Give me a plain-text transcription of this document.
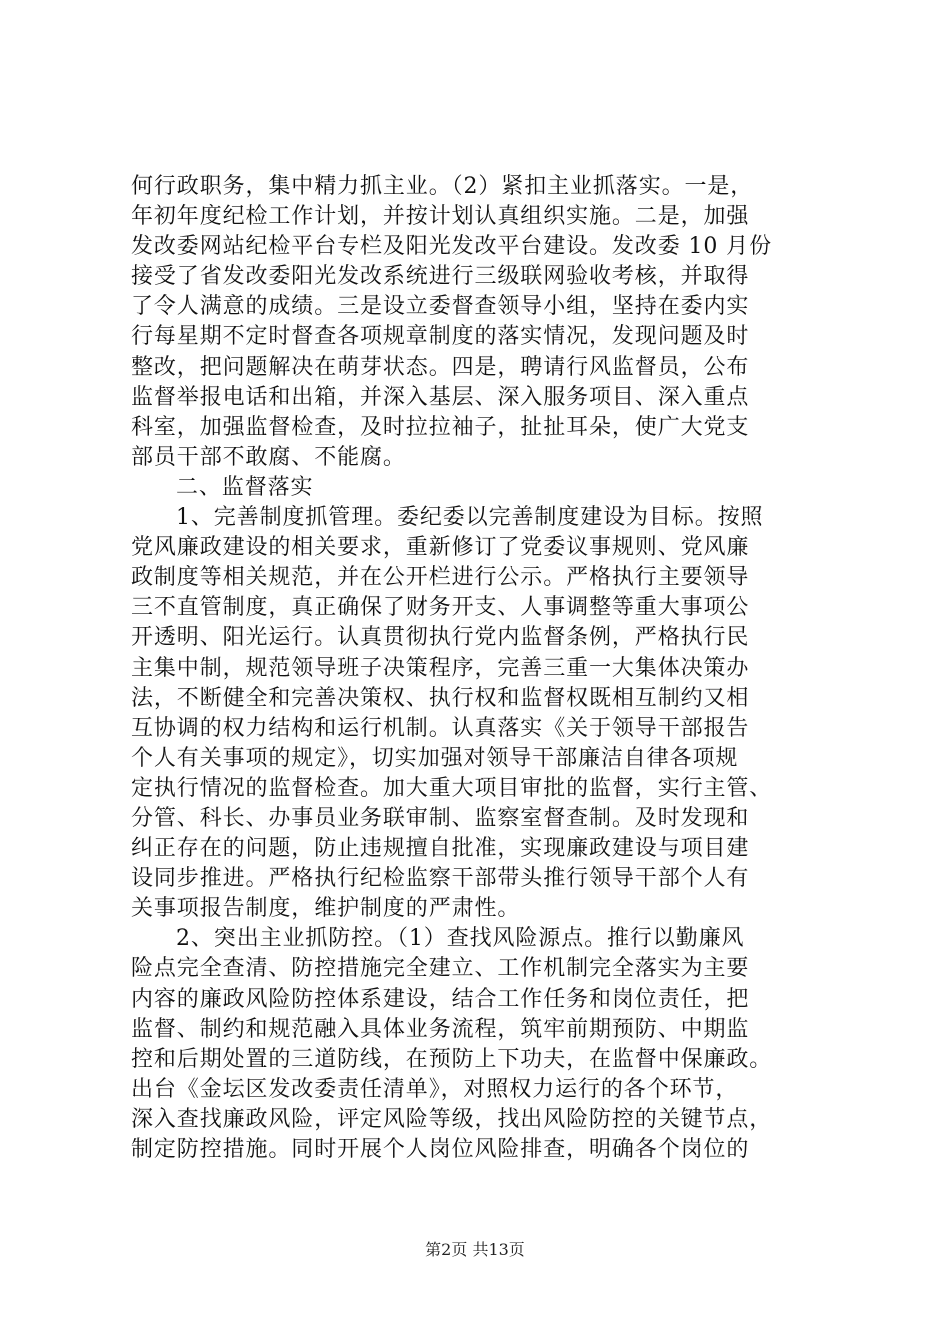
何行政职务，集中精力抓主业。（2）紧扣主业抓落实。一是，
年初年度纪检工作计划，并按计划认真组织实施。二是，加强
发改委网站纪检平台专栏及阳光发改平台建设。发改委 10 月份
接受了省发改委阳光发改系统进行三级联网验收考核，并取得
了令人满意的成绩。三是设立委督查领导小组，坚持在委内实
行每星期不定时督查各项规章制度的落实情况，发现问题及时
整改，把问题解决在萌芽状态。四是，聘请行风监督员，公布
监督举报电话和出箱，并深入基层、深入服务项目、深入重点
科室，加强监督检查，及时拉拉袖子，扯扯耳朵，使广大党支
部员干部不敢腐、不能腐。
二、监督落实
1、完善制度抓管理。委纪委以完善制度建设为目标。按照
党风廉政建设的相关要求，重新修订了党委议事规则、党风廉
政制度等相关规范，并在公开栏进行公示。严格执行主要领导
三不直管制度，真正确保了财务开支、人事调整等重大事项公
开透明、阳光运行。认真贯彻执行党内监督条例，严格执行民
主集中制，规范领导班子决策程序，完善三重一大集体决策办
法，不断健全和完善决策权、执行权和监督权既相互制约又相
互协调的权力结构和运行机制。认真落实《关于领导干部报告
个人有关事项的规定》，切实加强对领导干部廉洁自律各项规
定执行情况的监督检查。加大重大项目审批的监督，实行主管、
分管、科长、办事员业务联审制、监察室督查制。及时发现和
纠正存在的问题，防止违规擅自批准，实现廉政建设与项目建
设同步推进。严格执行纪检监察干部带头推行领导干部个人有
关事项报告制度，维护制度的严肃性。
2、突出主业抓防控。（1）查找风险源点。推行以勤廉风
险点完全查清、防控措施完全建立、工作机制完全落实为主要
内容的廉政风险防控体系建设，结合工作任务和岗位责任，把
监督、制约和规范融入具体业务流程，筑牢前期预防、中期监
控和后期处置的三道防线，在预防上下功夫，在监督中保廉政。
出台《金坛区发改委责任清单》，对照权力运行的各个环节，
深入查找廉政风险，评定风险等级，找出风险防控的关键节点，
制定防控措施。同时开展个人岗位风险排查，明确各个岗位的
第2页 共13页
